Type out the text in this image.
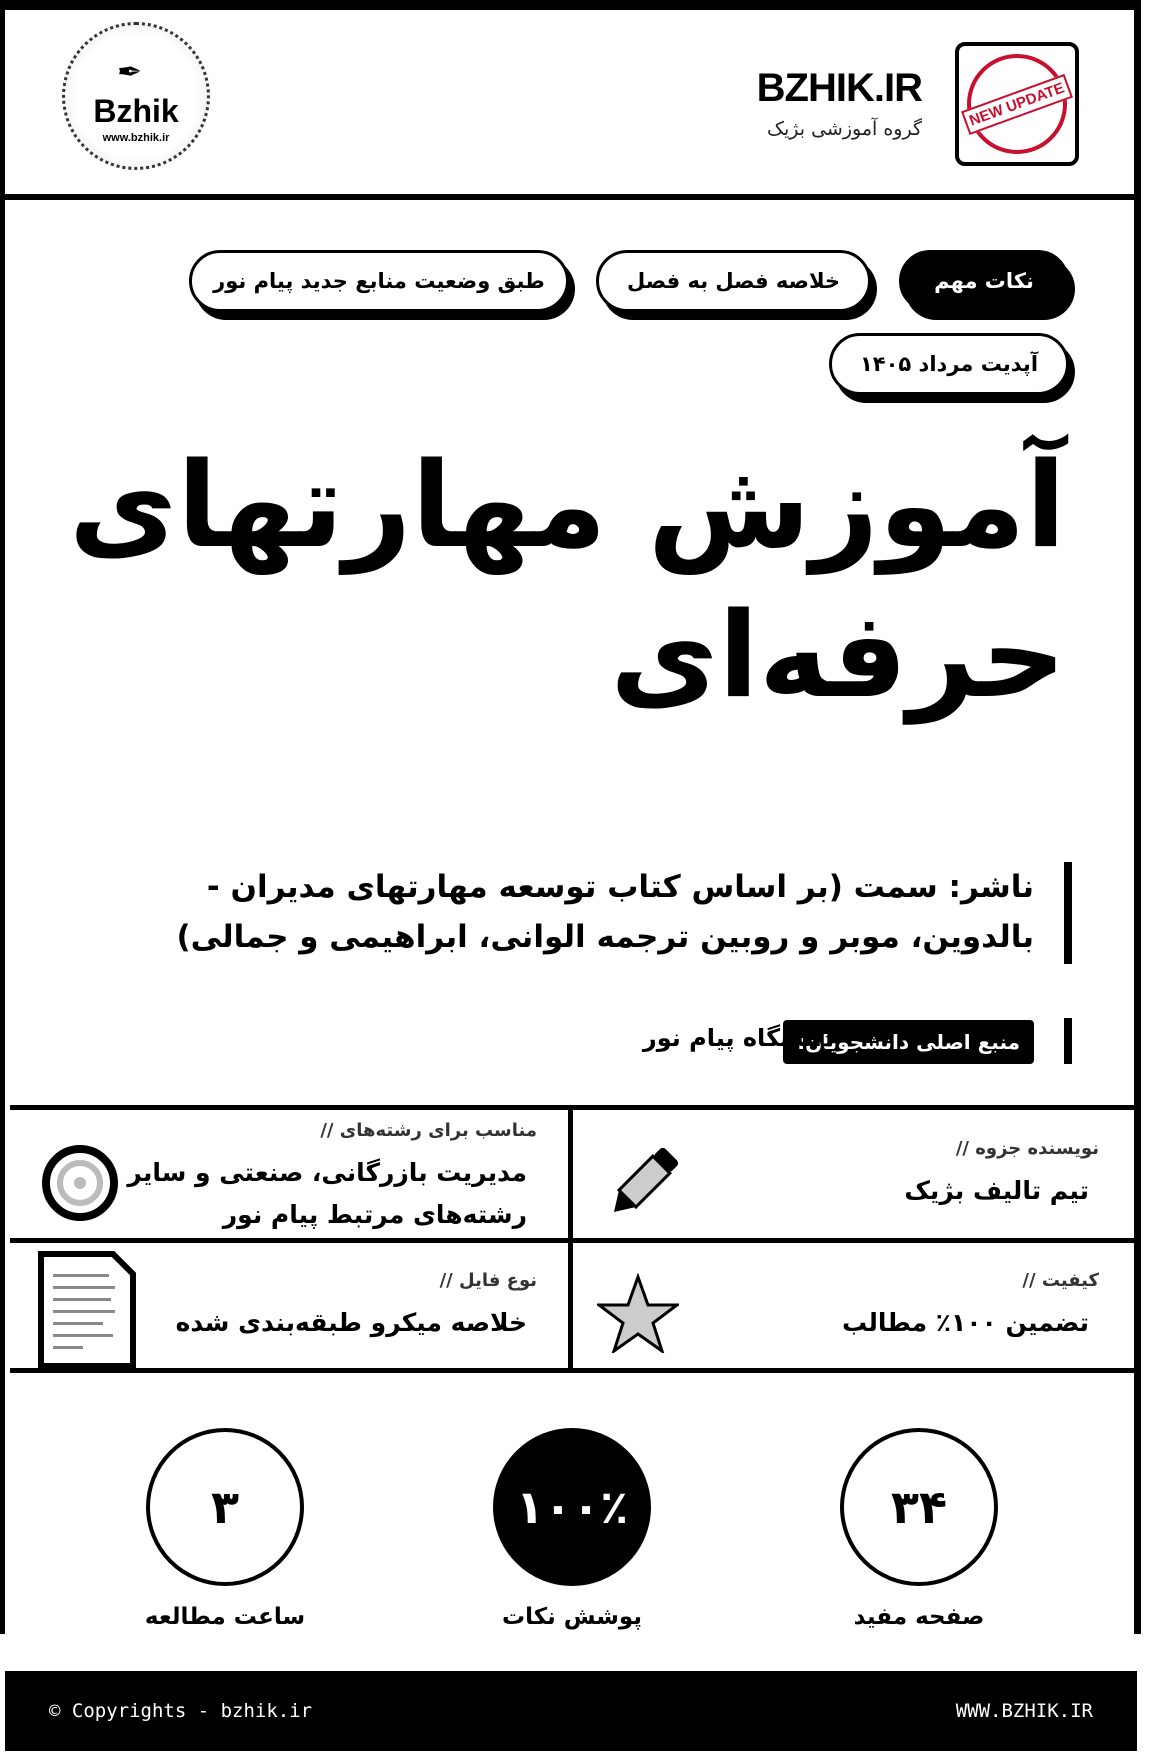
✒
Bzhik
www.bzhik.ir
BZHIK.IR
گروه آموزشی بژیک	NEW UPDATE
نکات مهم
خلاصه فصل به فصل
طبق وضعیت منابع جدید پیام نور
آپدیت مرداد ۱۴۰۵
آموزش مهارتهای
حرفه‌ای
ناشر: سمت (بر اساس کتاب توسعه مهارتهای مدیران - بالدوین، موبر و روبین ترجمه الوانی، ابراهیمی و جمالی)
منبع اصلی دانشجویان:
دانشگاه پیام نور
نویسنده جزوه //
تیم تالیف بژیک
مناسب برای رشته‌های //
مدیریت بازرگانی، صنعتی و سایر رشته‌های مرتبط پیام نور
کیفیت //
تضمین ۱۰۰٪ مطالب
نوع فایل //
خلاصه میکرو طبقه‌بندی شده
۳۴
صفحه مفید
۱۰۰٪
پوشش نکات
۳
ساعت مطالعه
© Copyrights - bzhik.ir	WWW.BZHIK.IR
